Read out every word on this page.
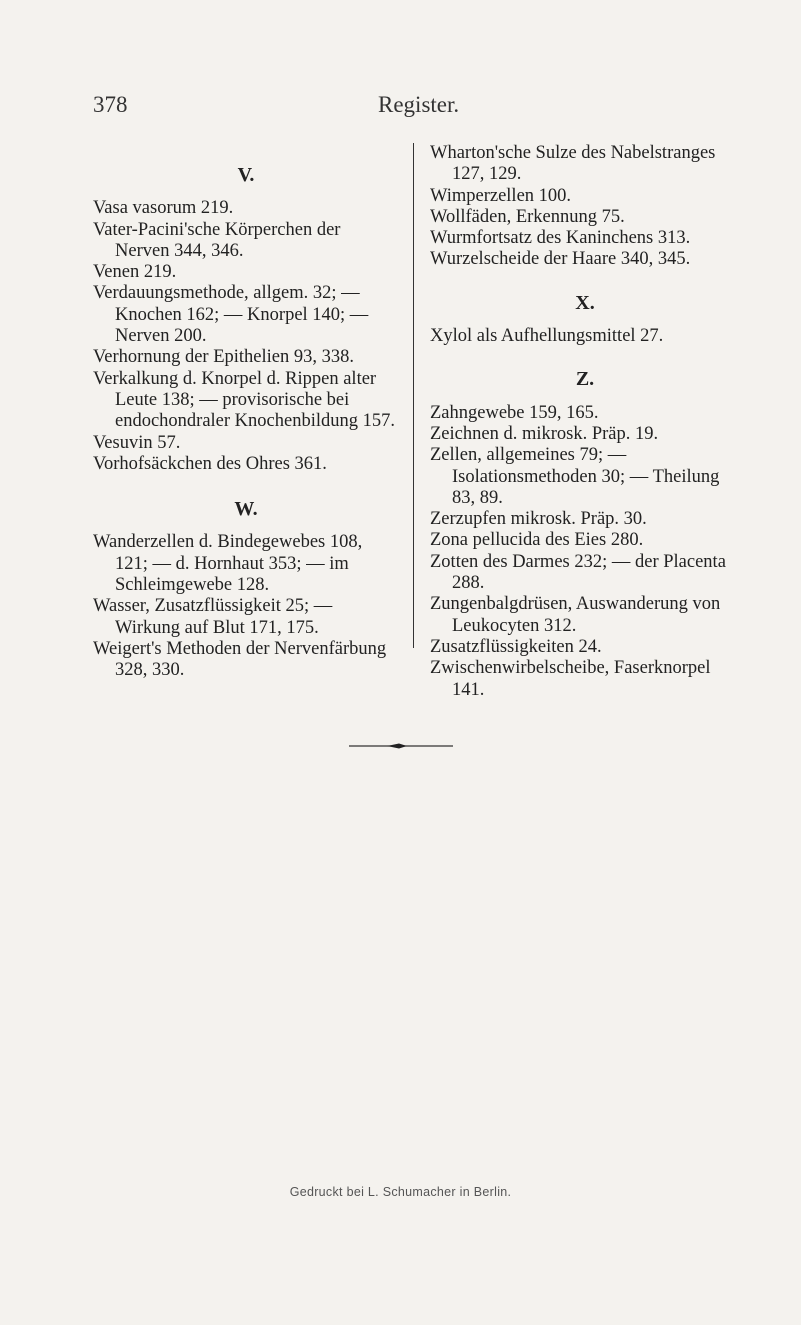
378	Register.
V.
Vasa vasorum 219.
Vater-Pacini'sche Körperchen der Nerven 344, 346.
Venen 219.
Verdauungsmethode, allgem. 32; — Knochen 162; — Knorpel 140; — Nerven 200.
Verhornung der Epithelien 93, 338.
Verkalkung d. Knorpel d. Rippen alter Leute 138; — provisorische bei endochondraler Knochenbildung 157.
Vesuvin 57.
Vorhofsäckchen des Ohres 361.
W.
Wanderzellen d. Bindegewebes 108, 121; — d. Hornhaut 353; — im Schleimgewebe 128.
Wasser, Zusatzflüssigkeit 25; — Wirkung auf Blut 171, 175.
Weigert's Methoden der Nervenfärbung 328, 330.
Wharton'sche Sulze des Nabelstranges 127, 129.
Wimperzellen 100.
Wollfäden, Erkennung 75.
Wurmfortsatz des Kaninchens 313.
Wurzelscheide der Haare 340, 345.
X.
Xylol als Aufhellungsmittel 27.
Z.
Zahngewebe 159, 165.
Zeichnen d. mikrosk. Präp. 19.
Zellen, allgemeines 79; — Isolationsmethoden 30; — Theilung 83, 89.
Zerzupfen mikrosk. Präp. 30.
Zona pellucida des Eies 280.
Zotten des Darmes 232; — der Placenta 288.
Zungenbalgdrüsen, Auswanderung von Leukocyten 312.
Zusatzflüssigkeiten 24.
Zwischenwirbelscheibe, Faserknorpel 141.
Gedruckt bei L. Schumacher in Berlin.
